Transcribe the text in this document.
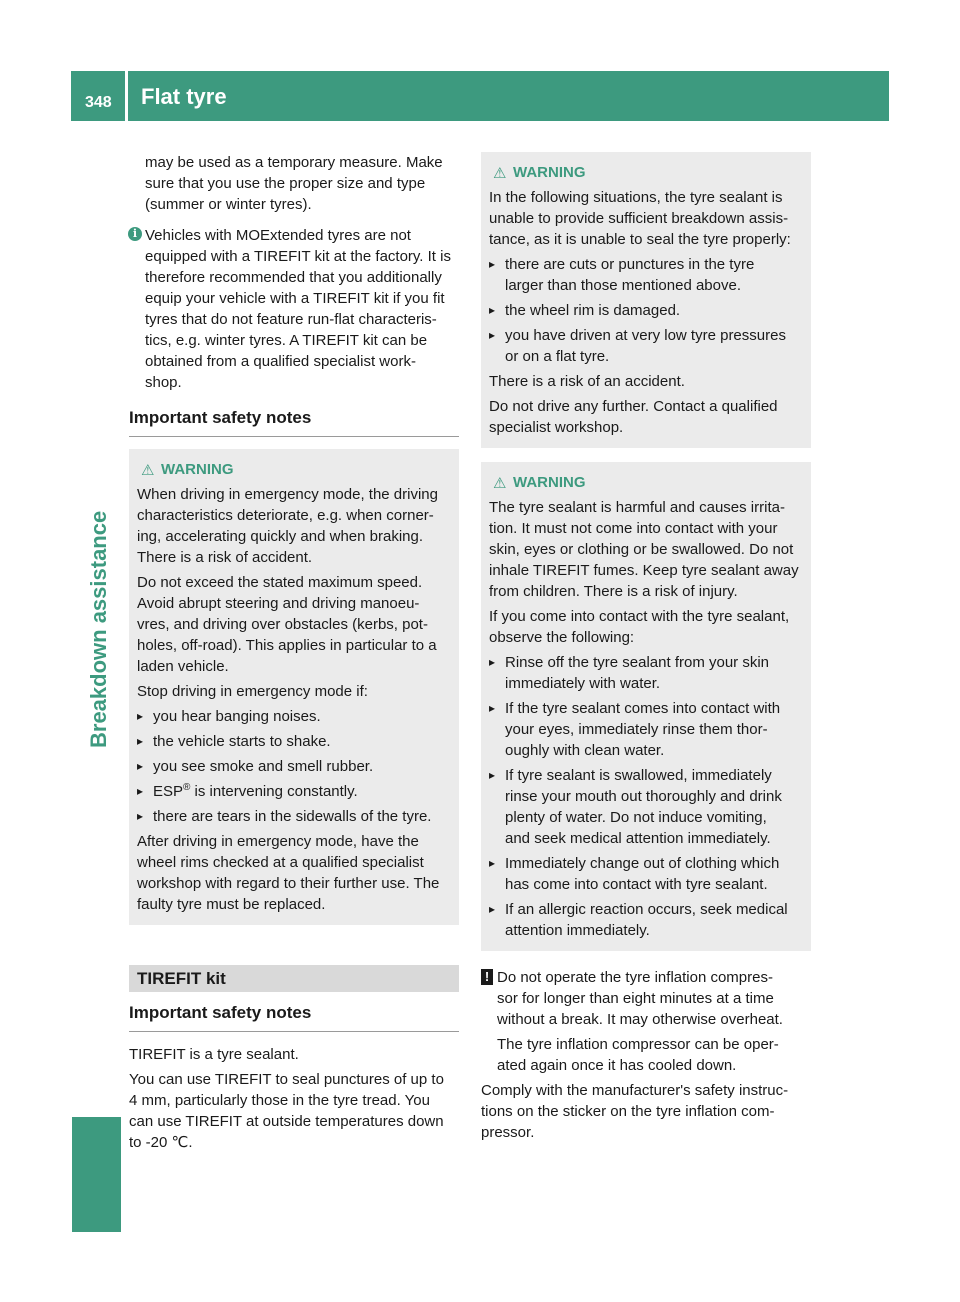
348 Flat tyre
Breakdown assistance

may be used as a temporary measure. Make
sure that you use the proper size and type
(summer or winter tyres).

i Vehicles with MOExtended tyres are not
equipped with a TIREFIT kit at the factory. It is
therefore recommended that you additionally
equip your vehicle with a TIREFIT kit if you fit
tyres that do not feature run-flat characteris-
tics, e.g. winter tyres. A TIREFIT kit can be
obtained from a qualified specialist work-
shop.
Important safety notes
⚠ WARNING

When driving in emergency mode, the driving
characteristics deteriorate, e.g. when corner-
ing, accelerating quickly and when braking.
There is a risk of accident.

Do not exceed the stated maximum speed.
Avoid abrupt steering and driving manoeu-
vres, and driving over obstacles (kerbs, pot-
holes, off-road). This applies in particular to a
laden vehicle.

Stop driving in emergency mode if:

▸ you hear banging noises.
▸ the vehicle starts to shake.
▸ you see smoke and smell rubber.
▸ ESP® is intervening constantly.
▸ there are tears in the sidewalls of the tyre.

After driving in emergency mode, have the
wheel rims checked at a qualified specialist
workshop with regard to their further use. The
faulty tyre must be replaced.

TIREFIT kit
Important safety notes

TIREFIT is a tyre sealant.

You can use TIREFIT to seal punctures of up to
4 mm, particularly those in the tyre tread. You
can use TIREFIT at outside temperatures down
to ‑20 ℃.

⚠ WARNING

In the following situations, the tyre sealant is
unable to provide sufficient breakdown assis-
tance, as it is unable to seal the tyre properly:

▸ there are cuts or punctures in the tyre
larger than those mentioned above.
▸ the wheel rim is damaged.
▸ you have driven at very low tyre pressures
or on a flat tyre.

There is a risk of an accident.

Do not drive any further. Contact a qualified
specialist workshop.

⚠ WARNING

The tyre sealant is harmful and causes irrita-
tion. It must not come into contact with your
skin, eyes or clothing or be swallowed. Do not
inhale TIREFIT fumes. Keep tyre sealant away
from children. There is a risk of injury.

If you come into contact with the tyre sealant,
observe the following:

▸ Rinse off the tyre sealant from your skin
immediately with water.
▸ If the tyre sealant comes into contact with
your eyes, immediately rinse them thor-
oughly with clean water.
▸ If tyre sealant is swallowed, immediately
rinse your mouth out thoroughly and drink
plenty of water. Do not induce vomiting,
and seek medical attention immediately.
▸ Immediately change out of clothing which
has come into contact with tyre sealant.
▸ If an allergic reaction occurs, seek medical
attention immediately.
! Do not operate the tyre inflation compres-
sor for longer than eight minutes at a time
without a break. It may otherwise overheat.

The tyre inflation compressor can be oper-
ated again once it has cooled down.

Comply with the manufacturer's safety instruc-
tions on the sticker on the tyre inflation com-
pressor.
